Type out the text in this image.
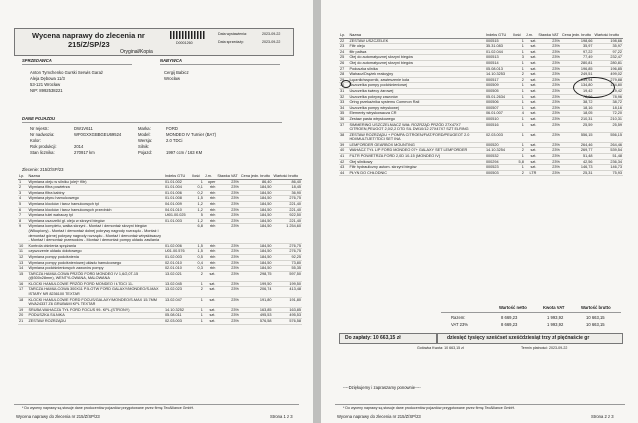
Wycena naprawy do zlecenia nr
215/Z/SP/23	D0001260
Data wystawienia:	2023-09-22
Data sprzedaży:	2023-09-22
Oryginał/Kopia
SPRZEDAWCA
Anton Tymchenko Gurski Serwis Garaż
Aleja Dębowa 11/3
53-121 Wrocław
NIP: 8992538221
NABYWCA
Cergij Babicz
Wrocław
DANE POJAZDU
Nr rejestr.:	DW1V611
Nr nadwozia:	WF0GXXGBBGEU69524
Kolor:
Rok produkcji:	2014
Stan licznika:	270917 km
Marka:	FORD
Model:	MONDEO IV Turnier (BA7)
Wersja:	2.0 TDCi
Silnik:
Pojazd:	1997 ccm / 163 KM
Zlecenie: 215/Z/SP/23
Lp.	Nazwa	Indeks GTU	Ilość	J.m.	Stawka VAT	Cena jedn. brutto	Wartość brutto
1	Wymiana oleju w silniku (olej+ filtr)	01.01.002	1	oper	23%	86,40	86,40
2	Wymiana filtra powietrza	01.01.004	0,1	rbh	23%	184,50	18,45
3	Wymiana filtra kabiny	01.01.006	0,2	rbh	23%	184,50	36,90
4	Wymiana płynu hamulcowego	01.01.008	1,5	rbh	23%	184,50	276,75
5	Wymiana klocków i tarcz hamulcowych tył	04.01.009	1,2	rbh	23%	184,50	221,40
6	Wymiana klocków i tarcz hamulcowych przednich	04.01.010	1,2	rbh	23%	184,50	221,40
7	Wymiana tulei wahaczy tył	Ut01.00.025	5	rbh	23%	184,50	922,50
8	Wymiana uszczelki gł. oleju w skrzyni biegów	01.01.003	1,2	rbh	23%	184,50	221,40
9	Wymiana kompletu, wałka skrzyni - Montaż i demontaż skrzyni biegów (Wikupiony) - Montaż i demontaż dolnej pokrywy nagrody rozrządu - Montaż i demontaż górnej pokrywy nagrody rozrządu - Montaż i demontaż wtryskiwaczy - Montaż i demontaż przewodów - Montaż i demontaż pompy układu zasilania		6,8	rbh	23%	184,50	1 254,60
10	Kontrola ciśnienia sprężania	01.02.006	1,5	rbh	23%	184,50	276,75
11	czyszczenie układu dolotowego	U01.00.576	1,5	rbh	23%	184,50	276,75
12	Wymiana pompy podciśnienia	01.02.003	0,5	rbh	23%	184,50	92,25
13	Wymiana pompy podciśnieniowej układu hamulcowego	02.01.010	0,4	rbh	23%	184,50	73,80
14	Wymiana podciśnieniowych zaworów pompy	02.01.010	0,3	rbh	23%	184,50	55,35
15	TARCZA HAMULCOWA PRZÓD FORD MONDEO IV 1,6/2,0T-15 (@300x28mm), WENTYLOWANA, MALOWANA	13.02.021	2	szt.	23%	298,75	597,50
16	KLOCKI HAMULCOWE PRZÓD FORD MONDEO I ŁTDCI 11-	13.02.045	1	szt.	23%	199,50	199,50
17	TARCZA HAMULCOWA 300X11 P.5-OTW FORD GALAXY/MONDEO/S-MAX ISTARY NR 8236100 TEXTAR	13.02.023	2	szt.	23%	206,74	413,48
18	KLOCKI HAMULCOWE FORD FOCUS/GALAXY/MONDEO/S-MAX 15.7MM WVA24337 Z6 GRUBAMI KPL TEXTAR	13.02.047	1	szt.	23%	191,80	191,80
19	SRUBA WAHACZA TYŁ FORD FOCUS 99- KPL-(STRONY)	14.10.3252	1	szt.	23%	163,85	163,85
20	PODUSZKA SILNIKA	05.08.011	1	szt.	23%	495,53	495,53
21	ZESTAW ROZRZĄDU	02.03.003	1	szt.	23%	576,58	576,58
* Do wyceny naprawy są stosuje dane producentów pojazdów przygotowane przez firmę TecAlliance GmbH.
Wycena naprawy do zlecenia nr 215/Z/SP/23	Strona 1 z 3
Lp.	Nazwa	Indeks GTU	Ilość	J.m.	Stawka VAT	Cena jedn. brutto	Wartość brutto
22	ZESTAW USZCZELEK	000515	1	szt.	23%	198,66	198,66
23	Filtr oleju	35.31.083	1	szt.	23%	35,97	35,97
24	filtr paliwa	01.02.044	1	szt.	23%	97,22	97,22
25	Olej do automatycznej skrzyni biegów	000513	3	szt.	23%	77,49	232,47
26	Olej do automatycznej skrzyni biegów	000514	1	szt.	23%	280,81	280,81
27	Poduszka silnika	05.08.013	1	szt.	23%	196,85	196,85
28	Wahacz/Drążek reakcyjny	14.10.3253	2	szt.	23%	249,51	499,02
29	Łącznik/wspornik, zawieszenie koła	000517	2	szt.	23%	139,94	279,88
30	Uszczelka pompy podciśnieniowej	000509	1	szt.	23%	134,80	134,80
31	Uszczelka świecy żarowej	000505	1	szt.	23%	19,42	19,42
32	Uszczelka pokrywy zaworów	05.01.2634	1	szt.	23%	78,96	78,96
33	Oring przekaźnika systemu Common Rail	000506	1	szt.	23%	38,72	38,72
34	Uszczelka pompy wtryskowej	000507	1	szt.	23%	18,16	18,16
35	Elementy wtryskowacza CR	06.01.007	4	szt.	23%	18,05	72,20
36	Zestaw pasta wtryskowego	000510	1	szt.	23%	210,31	210,31
37	SIMMERING USZCZELNIACZ WAŁ ROZRZĄD PRZÓD 27X47X7 CITROEN,PEUGOT 2,0/2,2 DTD SIL DW10/12 27X47X7 SZT ELRING	000516	1	szt.	23%	25,59	25,59
38	ZESTAW ROZRZĄDU + POMPA CITROEN/FIAT/FORD/PEUGEOT 2.0 HDI/MULTIJET/TDCI SET INA	02.03.003	1	szt.	23%	556,15	556,15
39	LEMFORDER GEARBOX MOUNTING	000520	1	szt.	23%	264,46	264,46
40	WAHACZ TYŁ L/P FORD MONDEO 07+ GALAXY SET LEMFORDER	14.10.3254	2	szt.	23%	269,77	539,54
41	FILTR POWIETRZA FORD 2,0D 10-15 (MONDEO IV)	000532	1	szt.	23%	51,48	51,48
42	Olej silnikowy	000294	5,8	szt.	23%	42,56	236,34
43	Filtr hydrauliczny autom. skrzyni biegów	000523	1	szt.	23%	146,73	146,73
44	PŁYN DO CHŁODNIC	000503	2	LTR	23%	25,31	75,93
Wartość netto	Kwota VAT	Wartość brutto
Razem:	8 669,23	1 993,92	10 663,15
VAT 23%	8 669,23	1 993,92	10 663,15
Do zapłaty: 10 663,15 zł	dziesięć tysięcy sześćset sześćdziesiąt trzy zł pięćnaście gr
Gotówka Kwota: 10 663,15 zł	Termin płatności: 2023-09-22
----Dziękujemy i zapraszamy ponownie----
* Do wyceny naprawy są stosuje dane producentów pojazdów przygotowane przez firmę TecAlliance GmbH.
Wycena naprawy do zlecenia nr 215/Z/SP/23	Strona 2 z 3
